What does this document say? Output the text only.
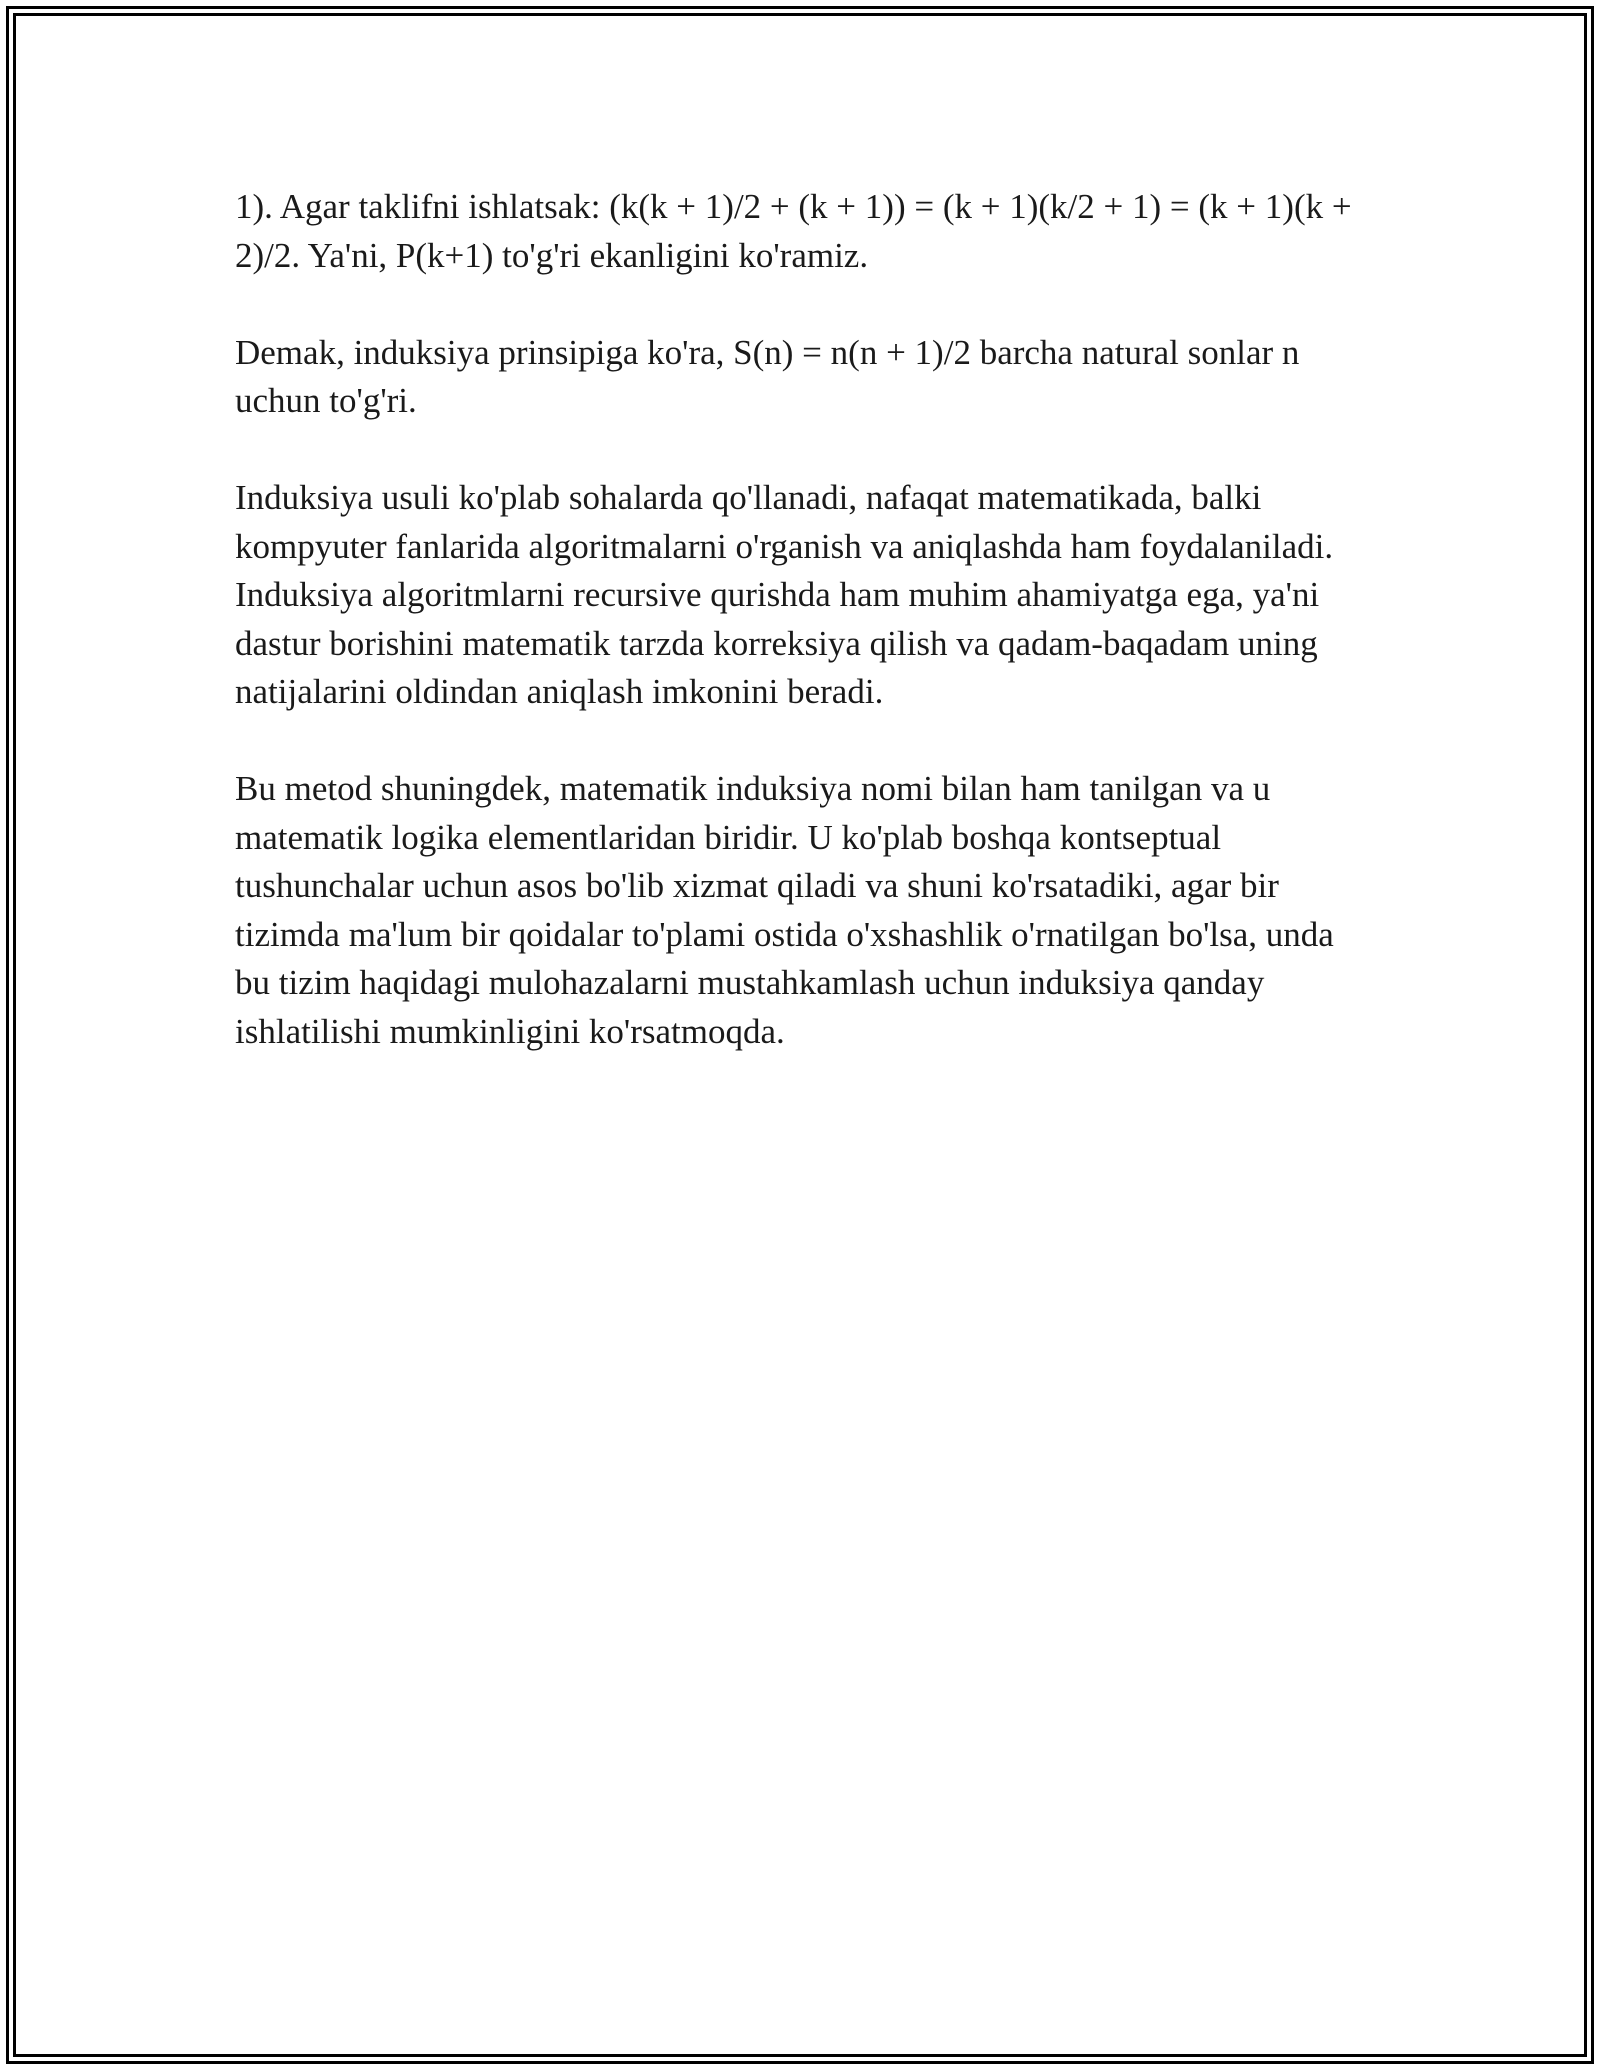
1). Agar taklifni ishlatsak: (k(k + 1)/2 + (k + 1)) = (k + 1)(k/2 + 1) = (k + 1)(k + 2)/2. Ya'ni, P(k+1) to'g'ri ekanligini ko'ramiz.

Demak, induksiya prinsipiga ko'ra, S(n) = n(n + 1)/2 barcha natural sonlar n uchun to'g'ri.

Induksiya usuli ko'plab sohalarda qo'llanadi, nafaqat matematikada, balki kompyuter fanlarida algoritmalarni o'rganish va aniqlashda ham foydalaniladi. Induksiya algoritmlarni recursive qurishda ham muhim ahamiyatga ega, ya'ni dastur borishini matematik tarzda korreksiya qilish va qadam-baqadam uning natijalarini oldindan aniqlash imkonini beradi.

Bu metod shuningdek, matematik induksiya nomi bilan ham tanilgan va u matematik logika elementlaridan biridir. U ko'plab boshqa kontseptual tushunchalar uchun asos bo'lib xizmat qiladi va shuni ko'rsatadiki, agar bir tizimda ma'lum bir qoidalar to'plami ostida o'xshashlik o'rnatilgan bo'lsa, unda bu tizim haqidagi mulohazalarni mustahkamlash uchun induksiya qanday ishlatilishi mumkinligini ko'rsatmoqda.
